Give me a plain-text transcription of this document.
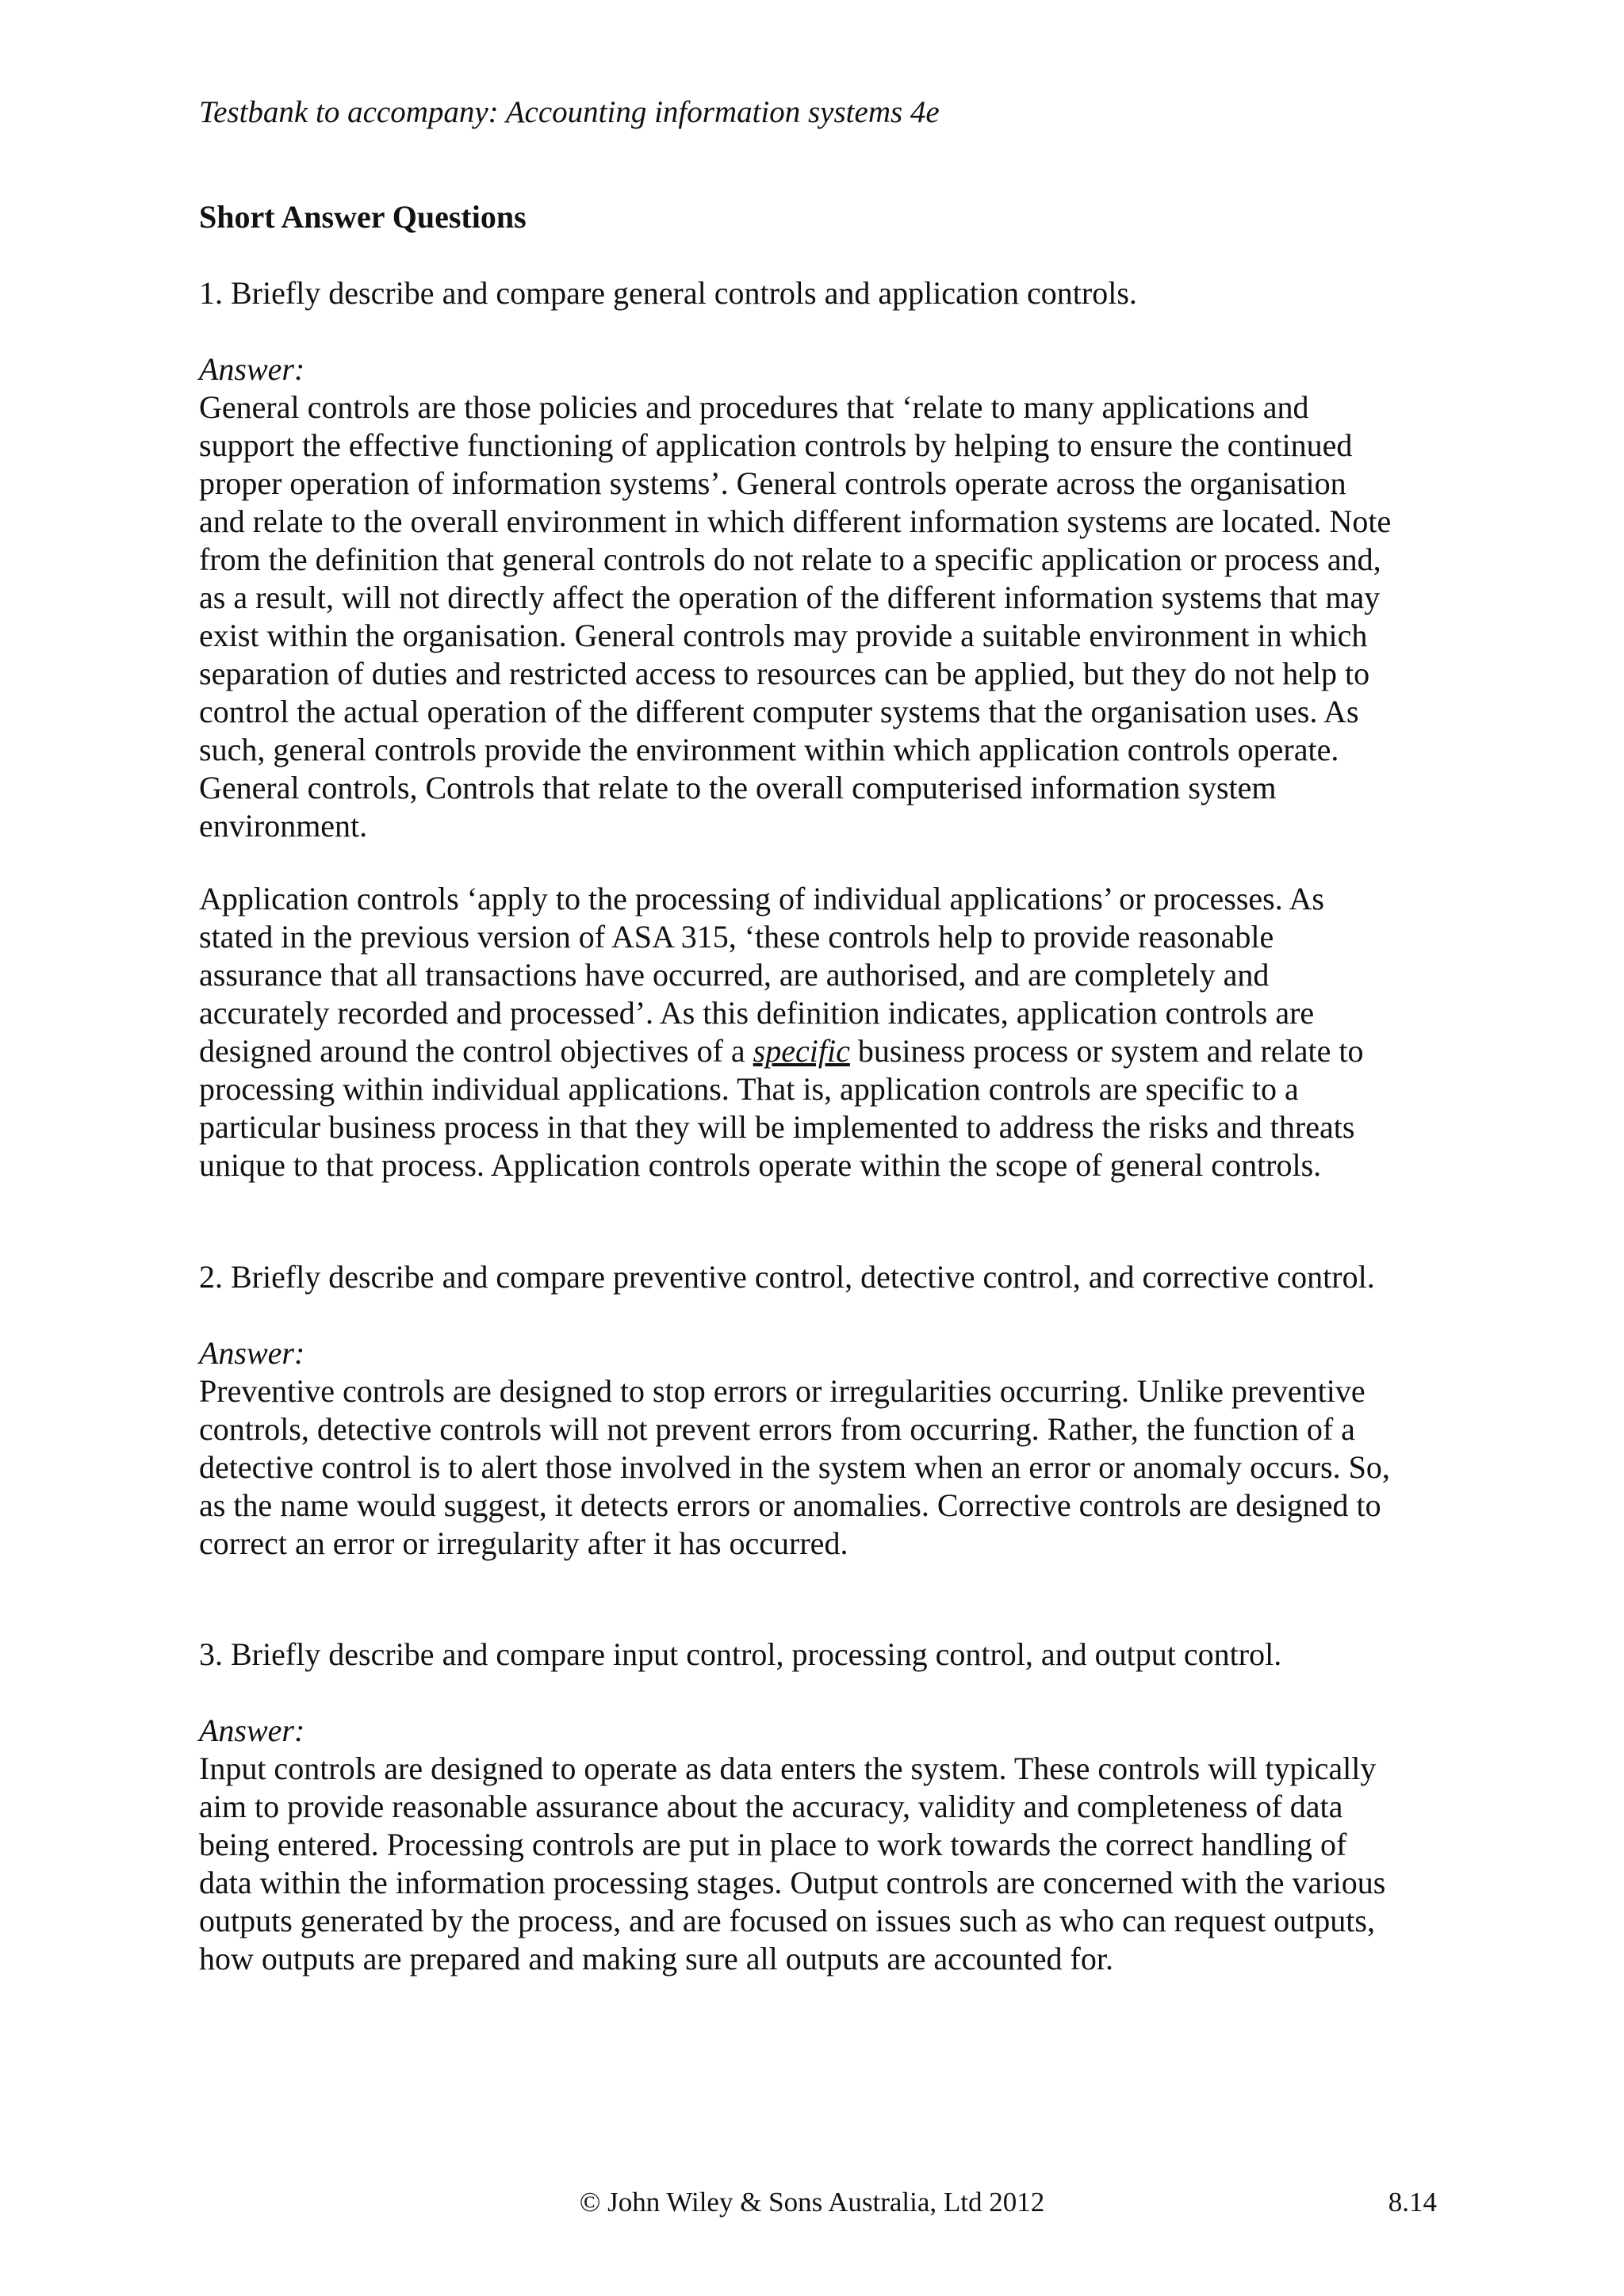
Testbank to accompany: Accounting information systems 4e
Short Answer Questions
1. Briefly describe and compare general controls and application controls.
Answer:
General controls are those policies and procedures that ‘relate to many applications and
support the effective functioning of application controls by helping to ensure the continued
proper operation of information systems’. General controls operate across the organisation
and relate to the overall environment in which different information systems are located. Note
from the definition that general controls do not relate to a specific application or process and,
as a result, will not directly affect the operation of the different information systems that may
exist within the organisation. General controls may provide a suitable environment in which
separation of duties and restricted access to resources can be applied, but they do not help to
control the actual operation of the different computer systems that the organisation uses. As
such, general controls provide the environment within which application controls operate.
General controls, Controls that relate to the overall computerised information system
environment.
Application controls ‘apply to the processing of individual applications’ or processes. As
stated in the previous version of ASA 315, ‘these controls help to provide reasonable
assurance that all transactions have occurred, are authorised, and are completely and
accurately recorded and processed’. As this definition indicates, application controls are
designed around the control objectives of a specific business process or system and relate to
processing within individual applications. That is, application controls are specific to a
particular business process in that they will be implemented to address the risks and threats
unique to that process. Application controls operate within the scope of general controls.
2. Briefly describe and compare preventive control, detective control, and corrective control.
Answer:
Preventive controls are designed to stop errors or irregularities occurring. Unlike preventive
controls, detective controls will not prevent errors from occurring. Rather, the function of a
detective control is to alert those involved in the system when an error or anomaly occurs. So,
as the name would suggest, it detects errors or anomalies. Corrective controls are designed to
correct an error or irregularity after it has occurred.
3. Briefly describe and compare input control, processing control, and output control.
Answer:
Input controls are designed to operate as data enters the system. These controls will typically
aim to provide reasonable assurance about the accuracy, validity and completeness of data
being entered. Processing controls are put in place to work towards the correct handling of
data within the information processing stages. Output controls are concerned with the various
outputs generated by the process, and are focused on issues such as who can request outputs,
how outputs are prepared and making sure all outputs are accounted for.
© John Wiley & Sons Australia, Ltd 2012	8.14
